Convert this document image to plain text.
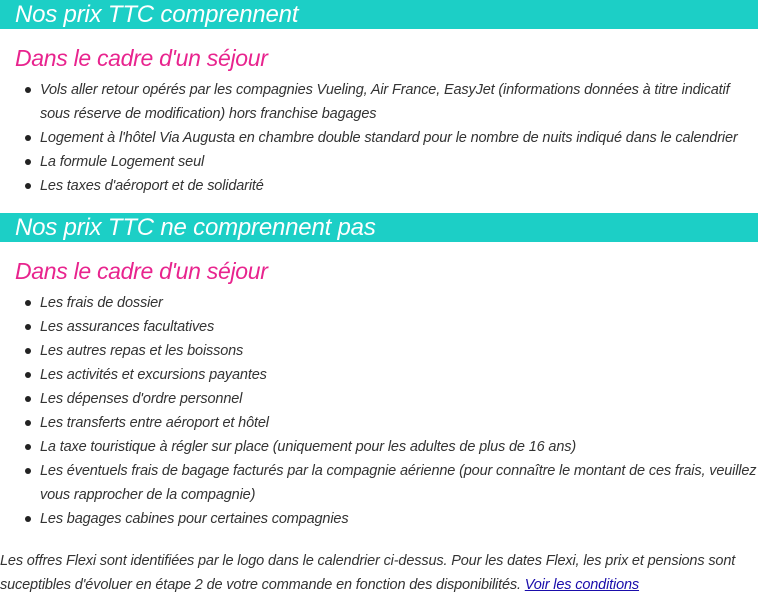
Nos prix TTC comprennent
Dans le cadre d'un séjour
Vols aller retour opérés par les compagnies Vueling, Air France, EasyJet (informations données à titre indicatif sous réserve de modification) hors franchise bagages
Logement à l'hôtel Via Augusta en chambre double standard pour le nombre de nuits indiqué dans le calendrier
La formule Logement seul
Les taxes d'aéroport et de solidarité
Nos prix TTC ne comprennent pas
Dans le cadre d'un séjour
Les frais de dossier
Les assurances facultatives
Les autres repas et les boissons
Les activités et excursions payantes
Les dépenses d'ordre personnel
Les transferts entre aéroport et hôtel
La taxe touristique à régler sur place (uniquement pour les adultes de plus de 16 ans)
Les éventuels frais de bagage facturés par la compagnie aérienne (pour connaître le montant de ces frais, veuillez vous rapprocher de la compagnie)
Les bagages cabines pour certaines compagnies
Les offres Flexi sont identifiées par le logo dans le calendrier ci-dessus. Pour les dates Flexi, les prix et pensions sont suceptibles d'évoluer en étape 2 de votre commande en fonction des disponibilités. Voir les conditions
